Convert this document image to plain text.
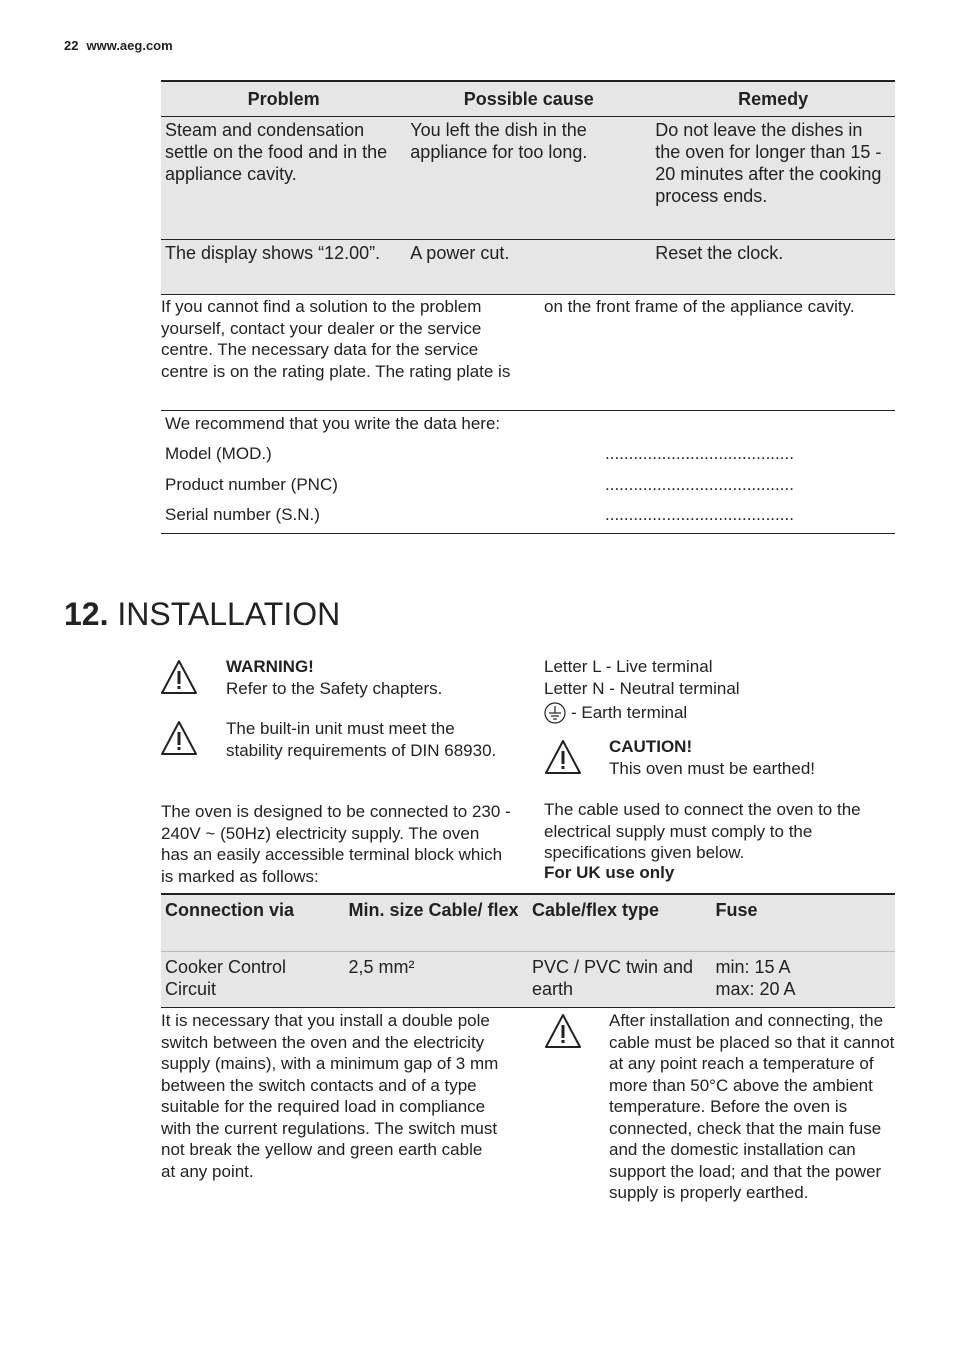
22 www.aeg.com
Problem	Possible cause	Remedy
Steam and condensation settle on the food and in the appliance cavity.	You left the dish in the appliance for too long.	Do not leave the dishes in the oven for longer than 15 - 20 minutes after the cooking process ends.
The display shows “12.00”.	A power cut.	Reset the clock.
If you cannot find a solution to the problem yourself, contact your dealer or the service centre. The necessary data for the service centre is on the rating plate. The rating plate is
on the front frame of the appliance cavity.
We recommend that you write the data here:
Model (MOD.)	........................................
Product number (PNC)	........................................
Serial number (S.N.)	........................................
12. INSTALLATION
WARNING!
Refer to the Safety chapters.
The built-in unit must meet the stability requirements of DIN 68930.
The oven is designed to be connected to 230 - 240V ~ (50Hz) electricity supply. The oven has an easily accessible terminal block which is marked as follows:
Letter L - Live terminal
Letter N - Neutral terminal
- Earth terminal
CAUTION!
This oven must be earthed!
The cable used to connect the oven to the electrical supply must comply to the specifications given below.
For UK use only
Connection via	Min. size Cable/ flex	Cable/flex type	Fuse
Cooker Control Circuit	2,5 mm²	PVC / PVC twin and earth	min: 15 A
max: 20 A
It is necessary that you install a double pole switch between the oven and the electricity supply (mains), with a minimum gap of 3 mm between the switch contacts and of a type suitable for the required load in compliance with the current regulations. The switch must not break the yellow and green earth cable at any point.
After installation and connecting, the cable must be placed so that it cannot at any point reach a temperature of more than 50°C above the ambient temperature. Before the oven is connected, check that the main fuse and the domestic installation can support the load; and that the power supply is properly earthed.
